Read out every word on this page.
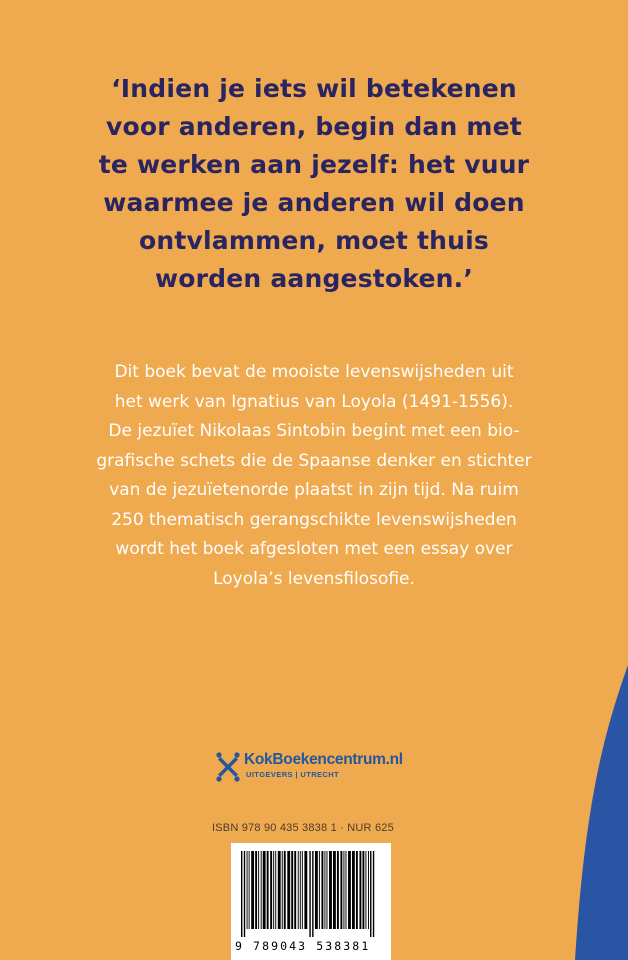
‘Indien je iets wil betekenen
voor anderen, begin dan met
te werken aan jezelf: het vuur
waarmee je anderen wil doen
ontvlammen, moet thuis
worden aangestoken.’
Dit boek bevat de mooiste levenswijsheden uit
het werk van Ignatius van Loyola (1491-1556).
De jezuïet Nikolaas Sintobin begint met een bio-
grafische schets die de Spaanse denker en stichter
van de jezuïetenorde plaatst in zijn tijd. Na ruim
250 thematisch gerangschikte levenswijsheden
wordt het boek afgesloten met een essay over
Loyola’s levensfilosofie.
KokBoekencentrum.nl
UITGEVERS | UTRECHT
ISBN 978 90 435 3838 1 · NUR 625
9 789043 538381
